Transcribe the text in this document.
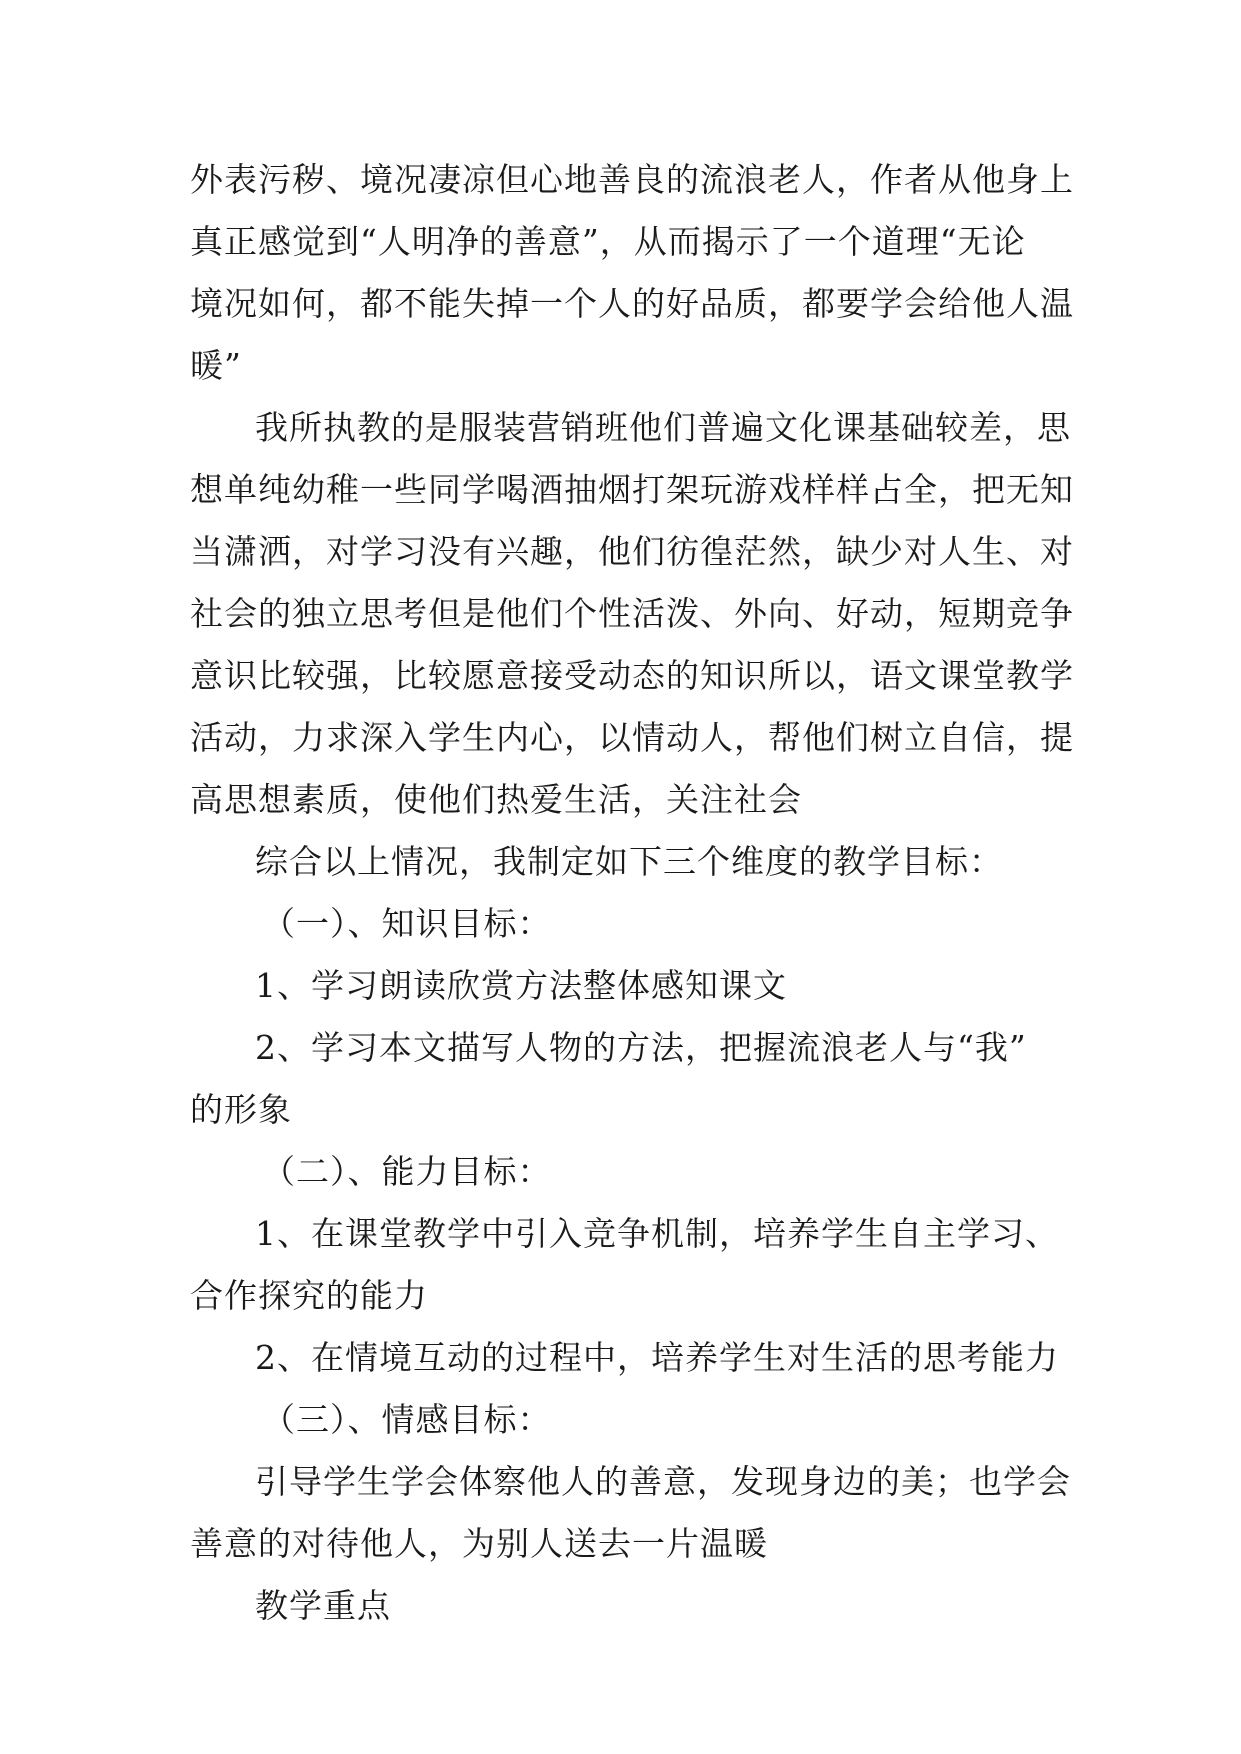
外表污秽、境况凄凉但心地善良的流浪老人，作者从他身上
真正感觉到“人明净的善意”，从而揭示了一个道理“无论
境况如何，都不能失掉一个人的好品质，都要学会给他人温
暖”
我所执教的是服装营销班他们普遍文化课基础较差，思
想单纯幼稚一些同学喝酒抽烟打架玩游戏样样占全，把无知
当潇洒，对学习没有兴趣，他们彷徨茫然，缺少对人生、对
社会的独立思考但是他们个性活泼、外向、好动，短期竞争
意识比较强，比较愿意接受动态的知识所以，语文课堂教学
活动，力求深入学生内心，以情动人，帮他们树立自信，提
高思想素质，使他们热爱生活，关注社会
综合以上情况，我制定如下三个维度的教学目标：
（一）、知识目标：
1、学习朗读欣赏方法整体感知课文
2、学习本文描写人物的方法，把握流浪老人与“我”
的形象
（二）、能力目标：
1、在课堂教学中引入竞争机制，培养学生自主学习、
合作探究的能力
2、在情境互动的过程中，培养学生对生活的思考能力
（三）、情感目标：
引导学生学会体察他人的善意，发现身边的美；也学会
善意的对待他人，为别人送去一片温暖
教学重点
